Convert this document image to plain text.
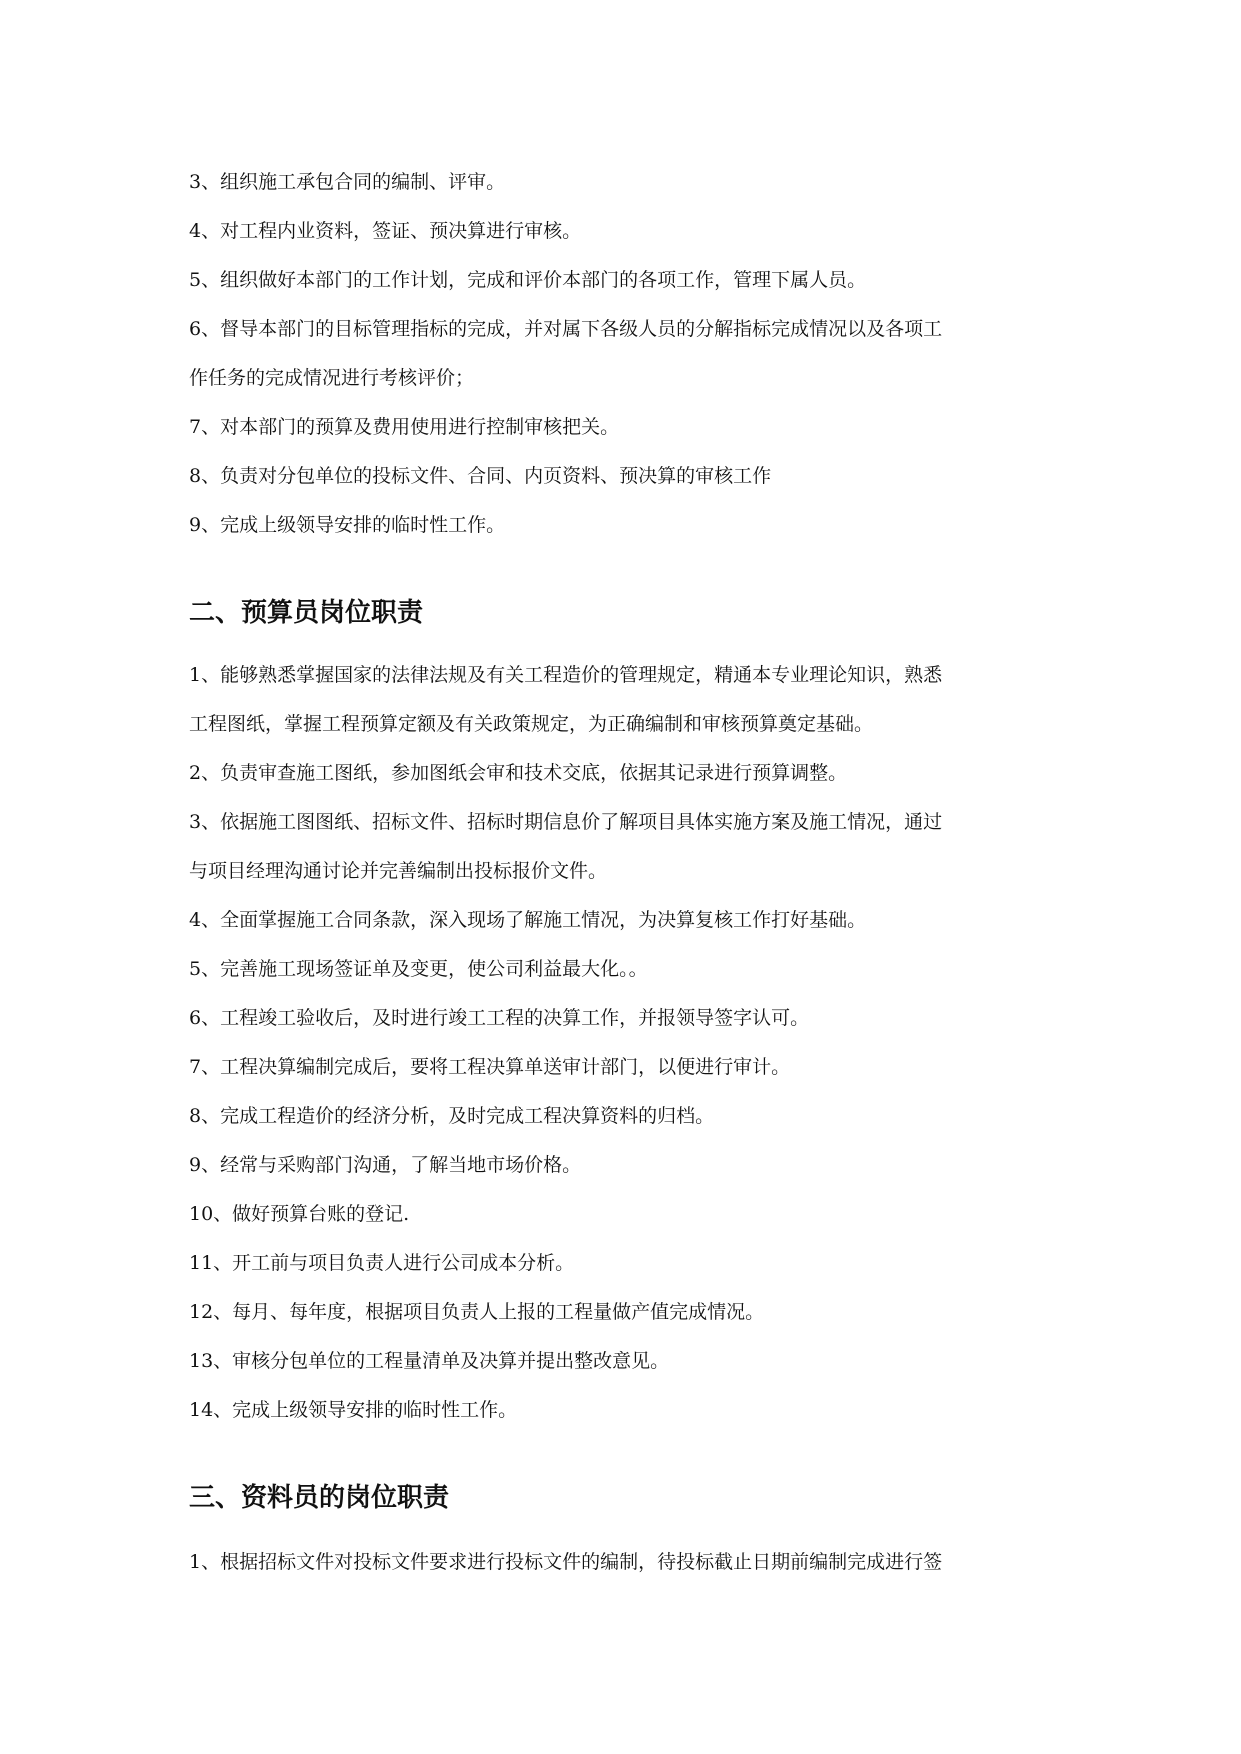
3、组织施工承包合同的编制、评审。

4、对工程内业资料，签证、预决算进行审核。

5、组织做好本部门的工作计划，完成和评价本部门的各项工作，管理下属人员。

6、督导本部门的目标管理指标的完成，并对属下各级人员的分解指标完成情况以及各项工

作任务的完成情况进行考核评价；

7、对本部门的预算及费用使用进行控制审核把关。

8、负责对分包单位的投标文件、合同、内页资料、预决算的审核工作

9、完成上级领导安排的临时性工作。

二、预算员岗位职责

1、能够熟悉掌握国家的法律法规及有关工程造价的管理规定，精通本专业理论知识，熟悉

工程图纸，掌握工程预算定额及有关政策规定，为正确编制和审核预算奠定基础。

2、负责审查施工图纸，参加图纸会审和技术交底，依据其记录进行预算调整。

3、依据施工图图纸、招标文件、招标时期信息价了解项目具体实施方案及施工情况，通过

与项目经理沟通讨论并完善编制出投标报价文件。

4、全面掌握施工合同条款，深入现场了解施工情况，为决算复核工作打好基础。

5、完善施工现场签证单及变更，使公司利益最大化。。

6、工程竣工验收后，及时进行竣工工程的决算工作，并报领导签字认可。

7、工程决算编制完成后，要将工程决算单送审计部门，以便进行审计。

8、完成工程造价的经济分析，及时完成工程决算资料的归档。

9、经常与采购部门沟通，了解当地市场价格。

10、做好预算台账的登记.

11、开工前与项目负责人进行公司成本分析。

12、每月、每年度，根据项目负责人上报的工程量做产值完成情况。

13、审核分包单位的工程量清单及决算并提出整改意见。

14、完成上级领导安排的临时性工作。

三、资料员的岗位职责

1、根据招标文件对投标文件要求进行投标文件的编制，待投标截止日期前编制完成进行签
